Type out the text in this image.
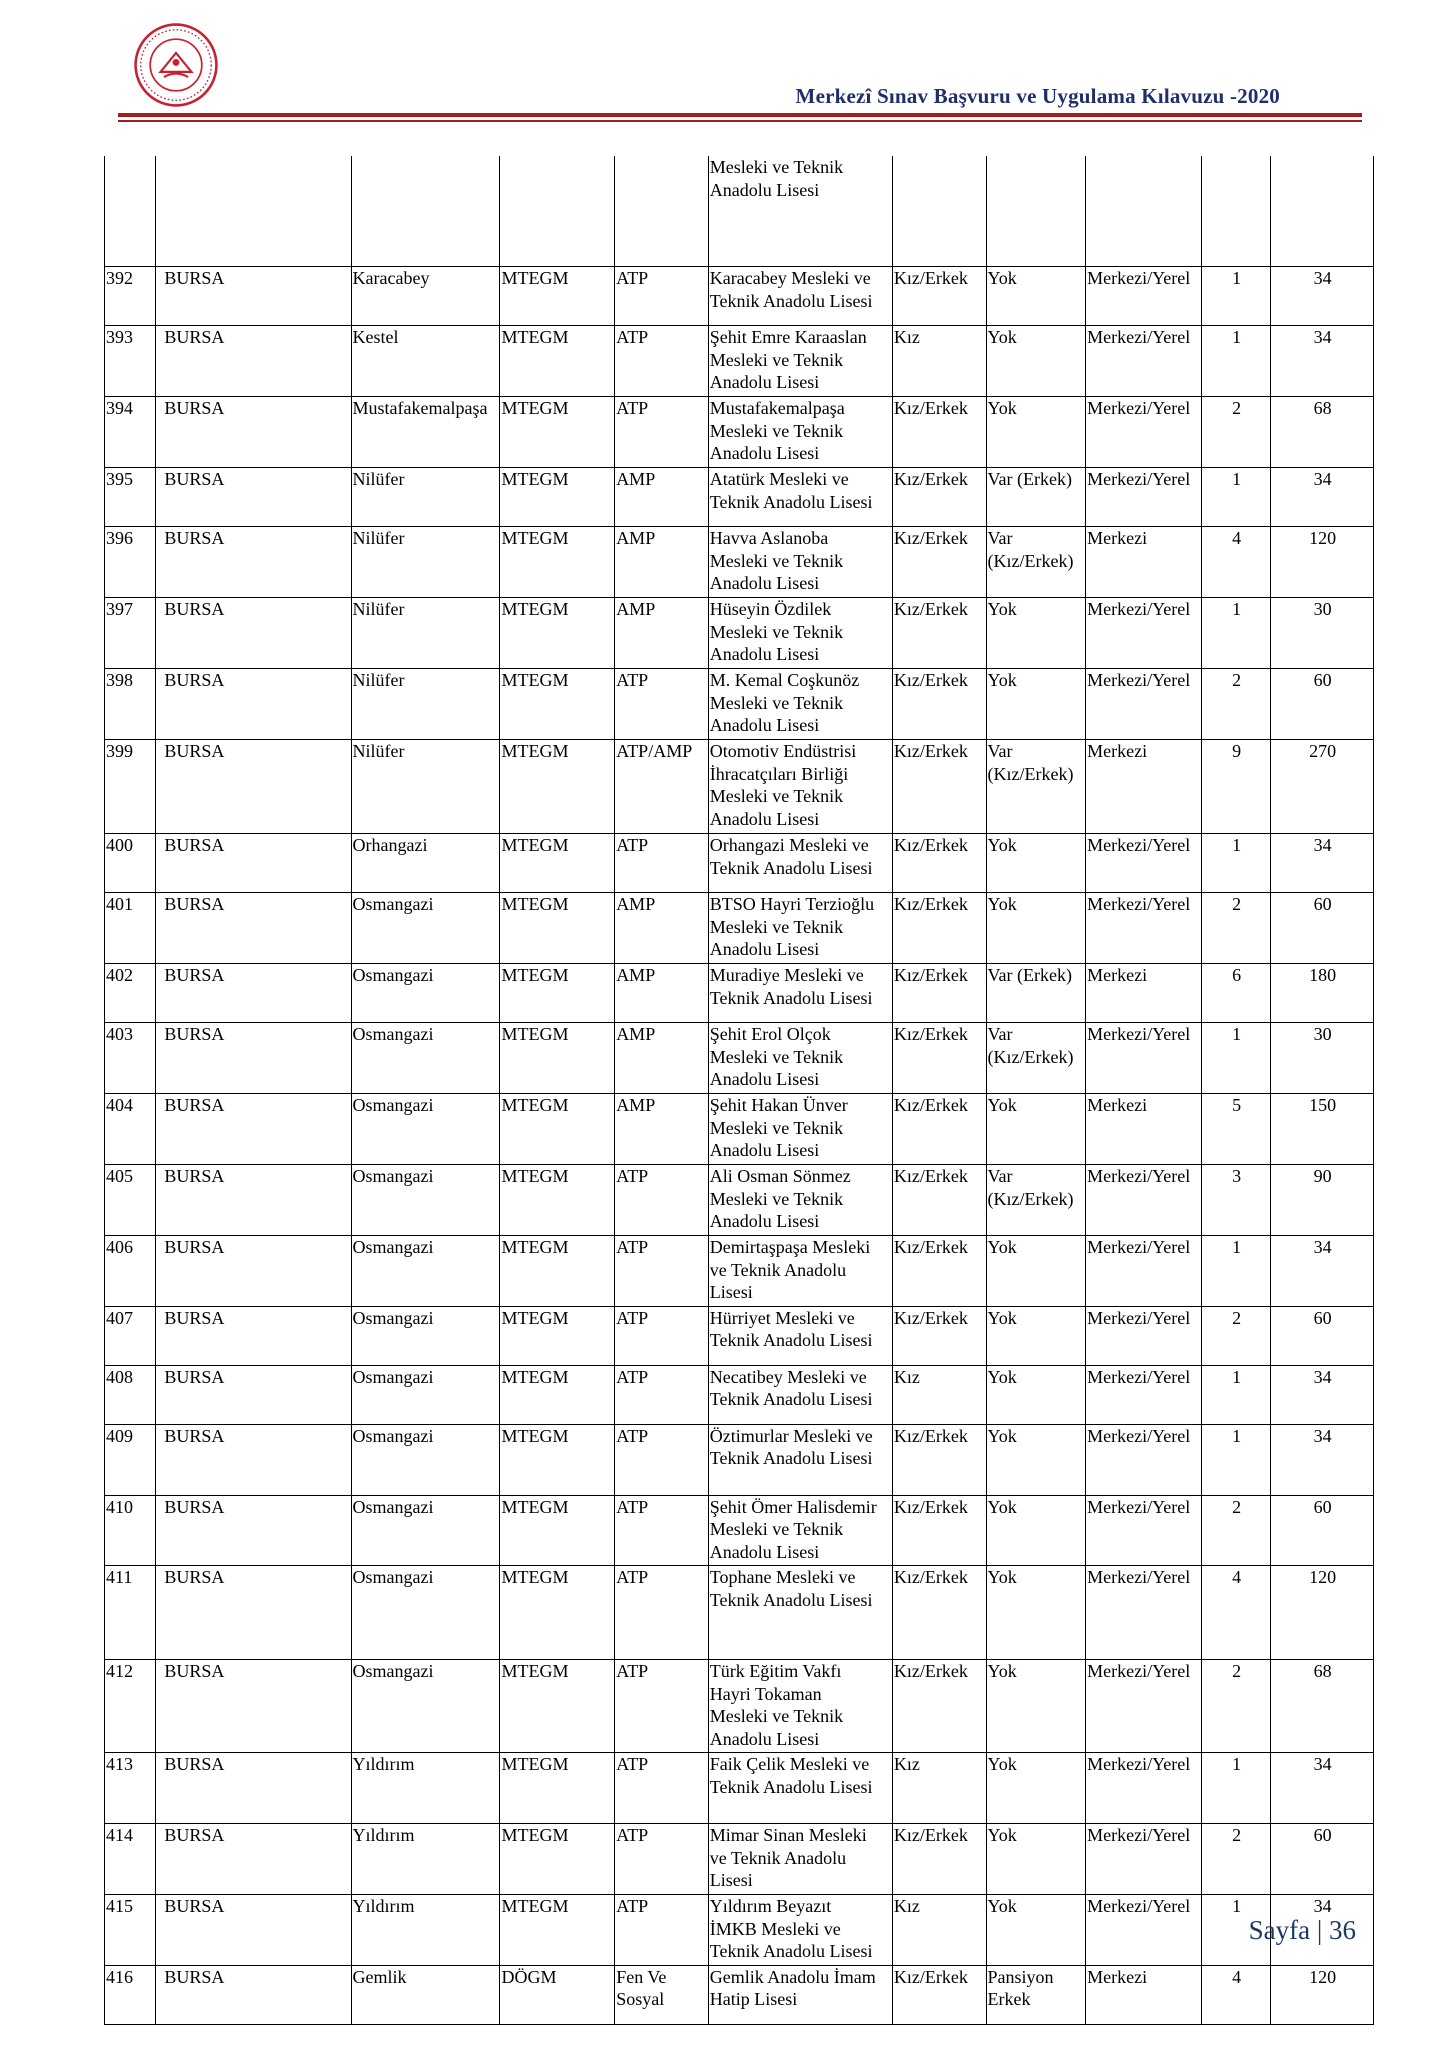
Merkezî Sınav Başvuru ve Uygulama Kılavuzu -2020
					Mesleki ve Teknik
Anadolu Lisesi					
392	BURSA	Karacabey	MTEGM	ATP	Karacabey Mesleki ve
Teknik Anadolu Lisesi	Kız/Erkek	Yok	Merkezi/Yerel	1	34
393	BURSA	Kestel	MTEGM	ATP	Şehit Emre Karaaslan
Mesleki ve Teknik
Anadolu Lisesi	Kız	Yok	Merkezi/Yerel	1	34
394	BURSA	Mustafakemalpaşa	MTEGM	ATP	Mustafakemalpaşa
Mesleki ve Teknik
Anadolu Lisesi	Kız/Erkek	Yok	Merkezi/Yerel	2	68
395	BURSA	Nilüfer	MTEGM	AMP	Atatürk Mesleki ve
Teknik Anadolu Lisesi	Kız/Erkek	Var (Erkek)	Merkezi/Yerel	1	34
396	BURSA	Nilüfer	MTEGM	AMP	Havva Aslanoba
Mesleki ve Teknik
Anadolu Lisesi	Kız/Erkek	Var
(Kız/Erkek)	Merkezi	4	120
397	BURSA	Nilüfer	MTEGM	AMP	Hüseyin Özdilek
Mesleki ve Teknik
Anadolu Lisesi	Kız/Erkek	Yok	Merkezi/Yerel	1	30
398	BURSA	Nilüfer	MTEGM	ATP	M. Kemal Coşkunöz
Mesleki ve Teknik
Anadolu Lisesi	Kız/Erkek	Yok	Merkezi/Yerel	2	60
399	BURSA	Nilüfer	MTEGM	ATP/AMP	Otomotiv Endüstrisi
İhracatçıları Birliği
Mesleki ve Teknik
Anadolu Lisesi	Kız/Erkek	Var
(Kız/Erkek)	Merkezi	9	270
400	BURSA	Orhangazi	MTEGM	ATP	Orhangazi Mesleki ve
Teknik Anadolu Lisesi	Kız/Erkek	Yok	Merkezi/Yerel	1	34
401	BURSA	Osmangazi	MTEGM	AMP	BTSO Hayri Terzioğlu
Mesleki ve Teknik
Anadolu Lisesi	Kız/Erkek	Yok	Merkezi/Yerel	2	60
402	BURSA	Osmangazi	MTEGM	AMP	Muradiye Mesleki ve
Teknik Anadolu Lisesi	Kız/Erkek	Var (Erkek)	Merkezi	6	180
403	BURSA	Osmangazi	MTEGM	AMP	Şehit Erol Olçok
Mesleki ve Teknik
Anadolu Lisesi	Kız/Erkek	Var
(Kız/Erkek)	Merkezi/Yerel	1	30
404	BURSA	Osmangazi	MTEGM	AMP	Şehit Hakan Ünver
Mesleki ve Teknik
Anadolu Lisesi	Kız/Erkek	Yok	Merkezi	5	150
405	BURSA	Osmangazi	MTEGM	ATP	Ali Osman Sönmez
Mesleki ve Teknik
Anadolu Lisesi	Kız/Erkek	Var
(Kız/Erkek)	Merkezi/Yerel	3	90
406	BURSA	Osmangazi	MTEGM	ATP	Demirtaşpaşa Mesleki
ve Teknik Anadolu
Lisesi	Kız/Erkek	Yok	Merkezi/Yerel	1	34
407	BURSA	Osmangazi	MTEGM	ATP	Hürriyet Mesleki ve
Teknik Anadolu Lisesi	Kız/Erkek	Yok	Merkezi/Yerel	2	60
408	BURSA	Osmangazi	MTEGM	ATP	Necatibey Mesleki ve
Teknik Anadolu Lisesi	Kız	Yok	Merkezi/Yerel	1	34
409	BURSA	Osmangazi	MTEGM	ATP	Öztimurlar Mesleki ve
Teknik Anadolu Lisesi	Kız/Erkek	Yok	Merkezi/Yerel	1	34
410	BURSA	Osmangazi	MTEGM	ATP	Şehit Ömer Halisdemir
Mesleki ve Teknik
Anadolu Lisesi	Kız/Erkek	Yok	Merkezi/Yerel	2	60
411	BURSA	Osmangazi	MTEGM	ATP	Tophane Mesleki ve
Teknik Anadolu Lisesi	Kız/Erkek	Yok	Merkezi/Yerel	4	120
412	BURSA	Osmangazi	MTEGM	ATP	Türk Eğitim Vakfı
Hayri Tokaman
Mesleki ve Teknik
Anadolu Lisesi	Kız/Erkek	Yok	Merkezi/Yerel	2	68
413	BURSA	Yıldırım	MTEGM	ATP	Faik Çelik Mesleki ve
Teknik Anadolu Lisesi	Kız	Yok	Merkezi/Yerel	1	34
414	BURSA	Yıldırım	MTEGM	ATP	Mimar Sinan Mesleki
ve Teknik Anadolu
Lisesi	Kız/Erkek	Yok	Merkezi/Yerel	2	60
415	BURSA	Yıldırım	MTEGM	ATP	Yıldırım Beyazıt
İMKB Mesleki ve
Teknik Anadolu Lisesi	Kız	Yok	Merkezi/Yerel	1	34
416	BURSA	Gemlik	DÖGM	Fen Ve
Sosyal	Gemlik Anadolu İmam
Hatip Lisesi	Kız/Erkek	Pansiyon
Erkek	Merkezi	4	120
Sayfa | 36
